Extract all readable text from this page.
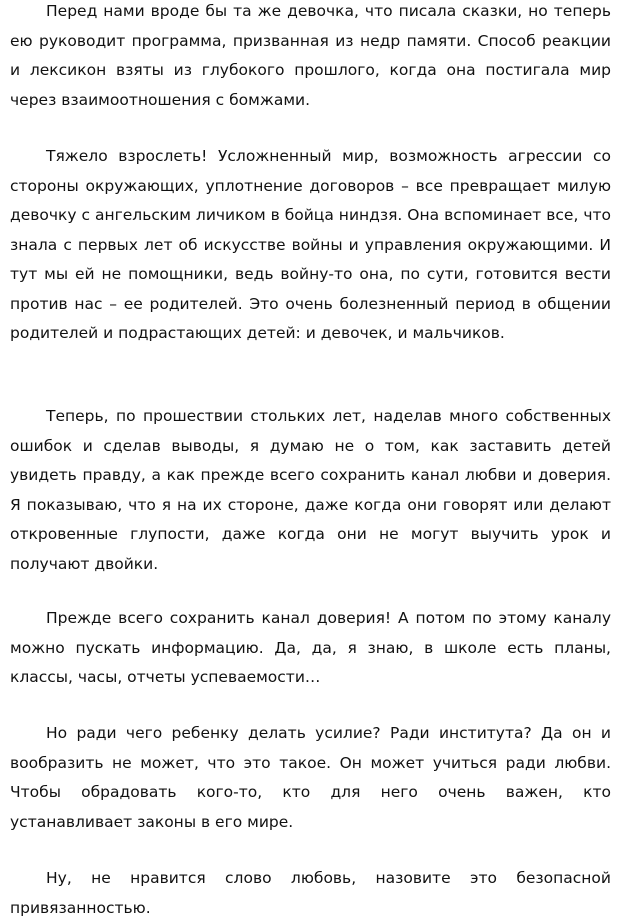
Перед нами вроде бы та же девочка, что писала сказки, но теперь ею руководит программа, призванная из недр памяти. Способ реакции и лексикон взяты из глубокого прошлого, когда она постигала мир через взаимоотношения с бомжами.

Тяжело взрослеть! Усложненный мир, возможность агрессии со стороны окружающих, уплотнение договоров – все превращает милую девочку с ангельским личиком в бойца ниндзя. Она вспоминает все, что знала с первых лет об искусстве войны и управления окружающими. И тут мы ей не помощники, ведь войну-то она, по сути, готовится вести против нас – ее родителей. Это очень болезненный период в общении родителей и подрастающих детей: и девочек, и мальчиков.

Теперь, по прошествии стольких лет, наделав много собственных ошибок и сделав выводы, я думаю не о том, как заставить детей увидеть правду, а как прежде всего сохранить канал любви и доверия. Я показываю, что я на их стороне, даже когда они говорят или делают откровенные глупости, даже когда они не могут выучить урок и получают двойки.

Прежде всего сохранить канал доверия! А потом по этому каналу можно пускать информацию. Да, да, я знаю, в школе есть планы, классы, часы, отчеты успеваемости…

Но ради чего ребенку делать усилие? Ради института? Да он и вообразить не может, что это такое. Он может учиться ради любви. Чтобы обрадовать кого-то, кто для него очень важен, кто устанавливает законы в его мире.

Ну, не нравится слово любовь, назовите это безопасной привязанностью.
